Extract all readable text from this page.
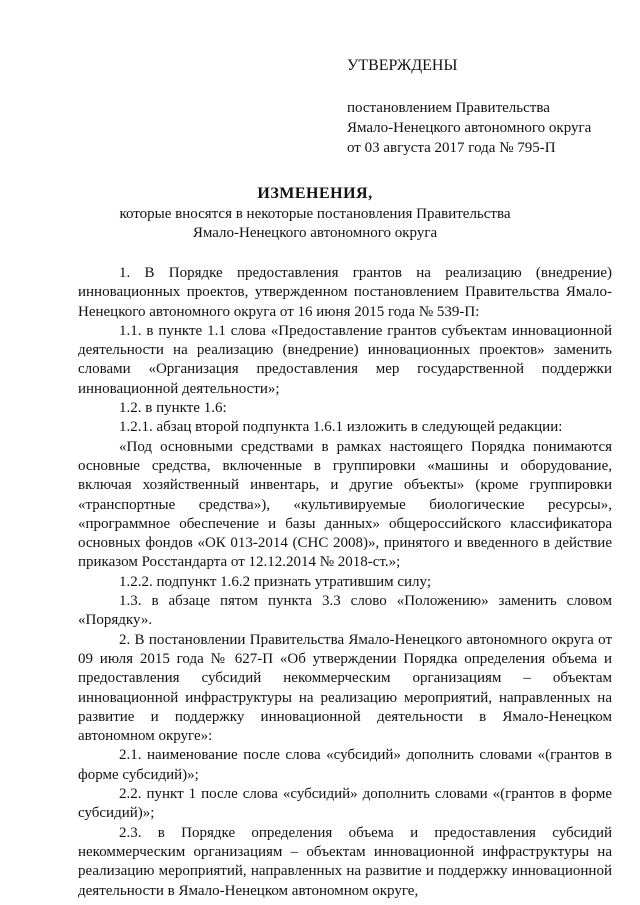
УТВЕРЖДЕНЫ
постановлением Правительства
Ямало-Ненецкого автономного округа
от 03 августа 2017 года № 795-П
ИЗМЕНЕНИЯ,
которые вносятся в некоторые постановления Правительства
Ямало-Ненецкого автономного округа

1. В Порядке предоставления грантов на реализацию (внедрение) инновационных проектов, утвержденном постановлением Правительства Ямало-Ненецкого автономного округа от 16 июня 2015 года № 539-П:

1.1. в пункте 1.1 слова «Предоставление грантов субъектам инновационной деятельности на реализацию (внедрение) инновационных проектов» заменить словами «Организация предоставления мер государственной поддержки инновационной деятельности»;

1.2. в пункте 1.6:

1.2.1. абзац второй подпункта 1.6.1 изложить в следующей редакции:

«Под основными средствами в рамках настоящего Порядка понимаются основные средства, включенные в группировки «машины и оборудование, включая хозяйственный инвентарь, и другие объекты» (кроме группировки «транспортные средства»), «культивируемые биологические ресурсы», «программное обеспечение и базы данных» общероссийского классификатора основных фондов «ОК 013-2014 (СНС 2008)», принятого и введенного в действие приказом Росстандарта от 12.12.2014 № 2018-ст.»;

1.2.2. подпункт 1.6.2 признать утратившим силу;

1.3. в абзаце пятом пункта 3.3 слово «Положению» заменить словом «Порядку».

2. В постановлении Правительства Ямало-Ненецкого автономного округа от 09 июля 2015 года № 627-П «Об утверждении Порядка определения объема и предоставления субсидий некоммерческим организациям – объектам инновационной инфраструктуры на реализацию мероприятий, направленных на развитие и поддержку инновационной деятельности в Ямало-Ненецком автономном округе»:

2.1. наименование после слова «субсидий» дополнить словами «(грантов в форме субсидий)»;

2.2. пункт 1 после слова «субсидий» дополнить словами «(грантов в форме субсидий)»;

2.3. в Порядке определения объема и предоставления субсидий некоммерческим организациям – объектам инновационной инфраструктуры на реализацию мероприятий, направленных на развитие и поддержку инновационной деятельности в Ямало-Ненецком автономном округе,
